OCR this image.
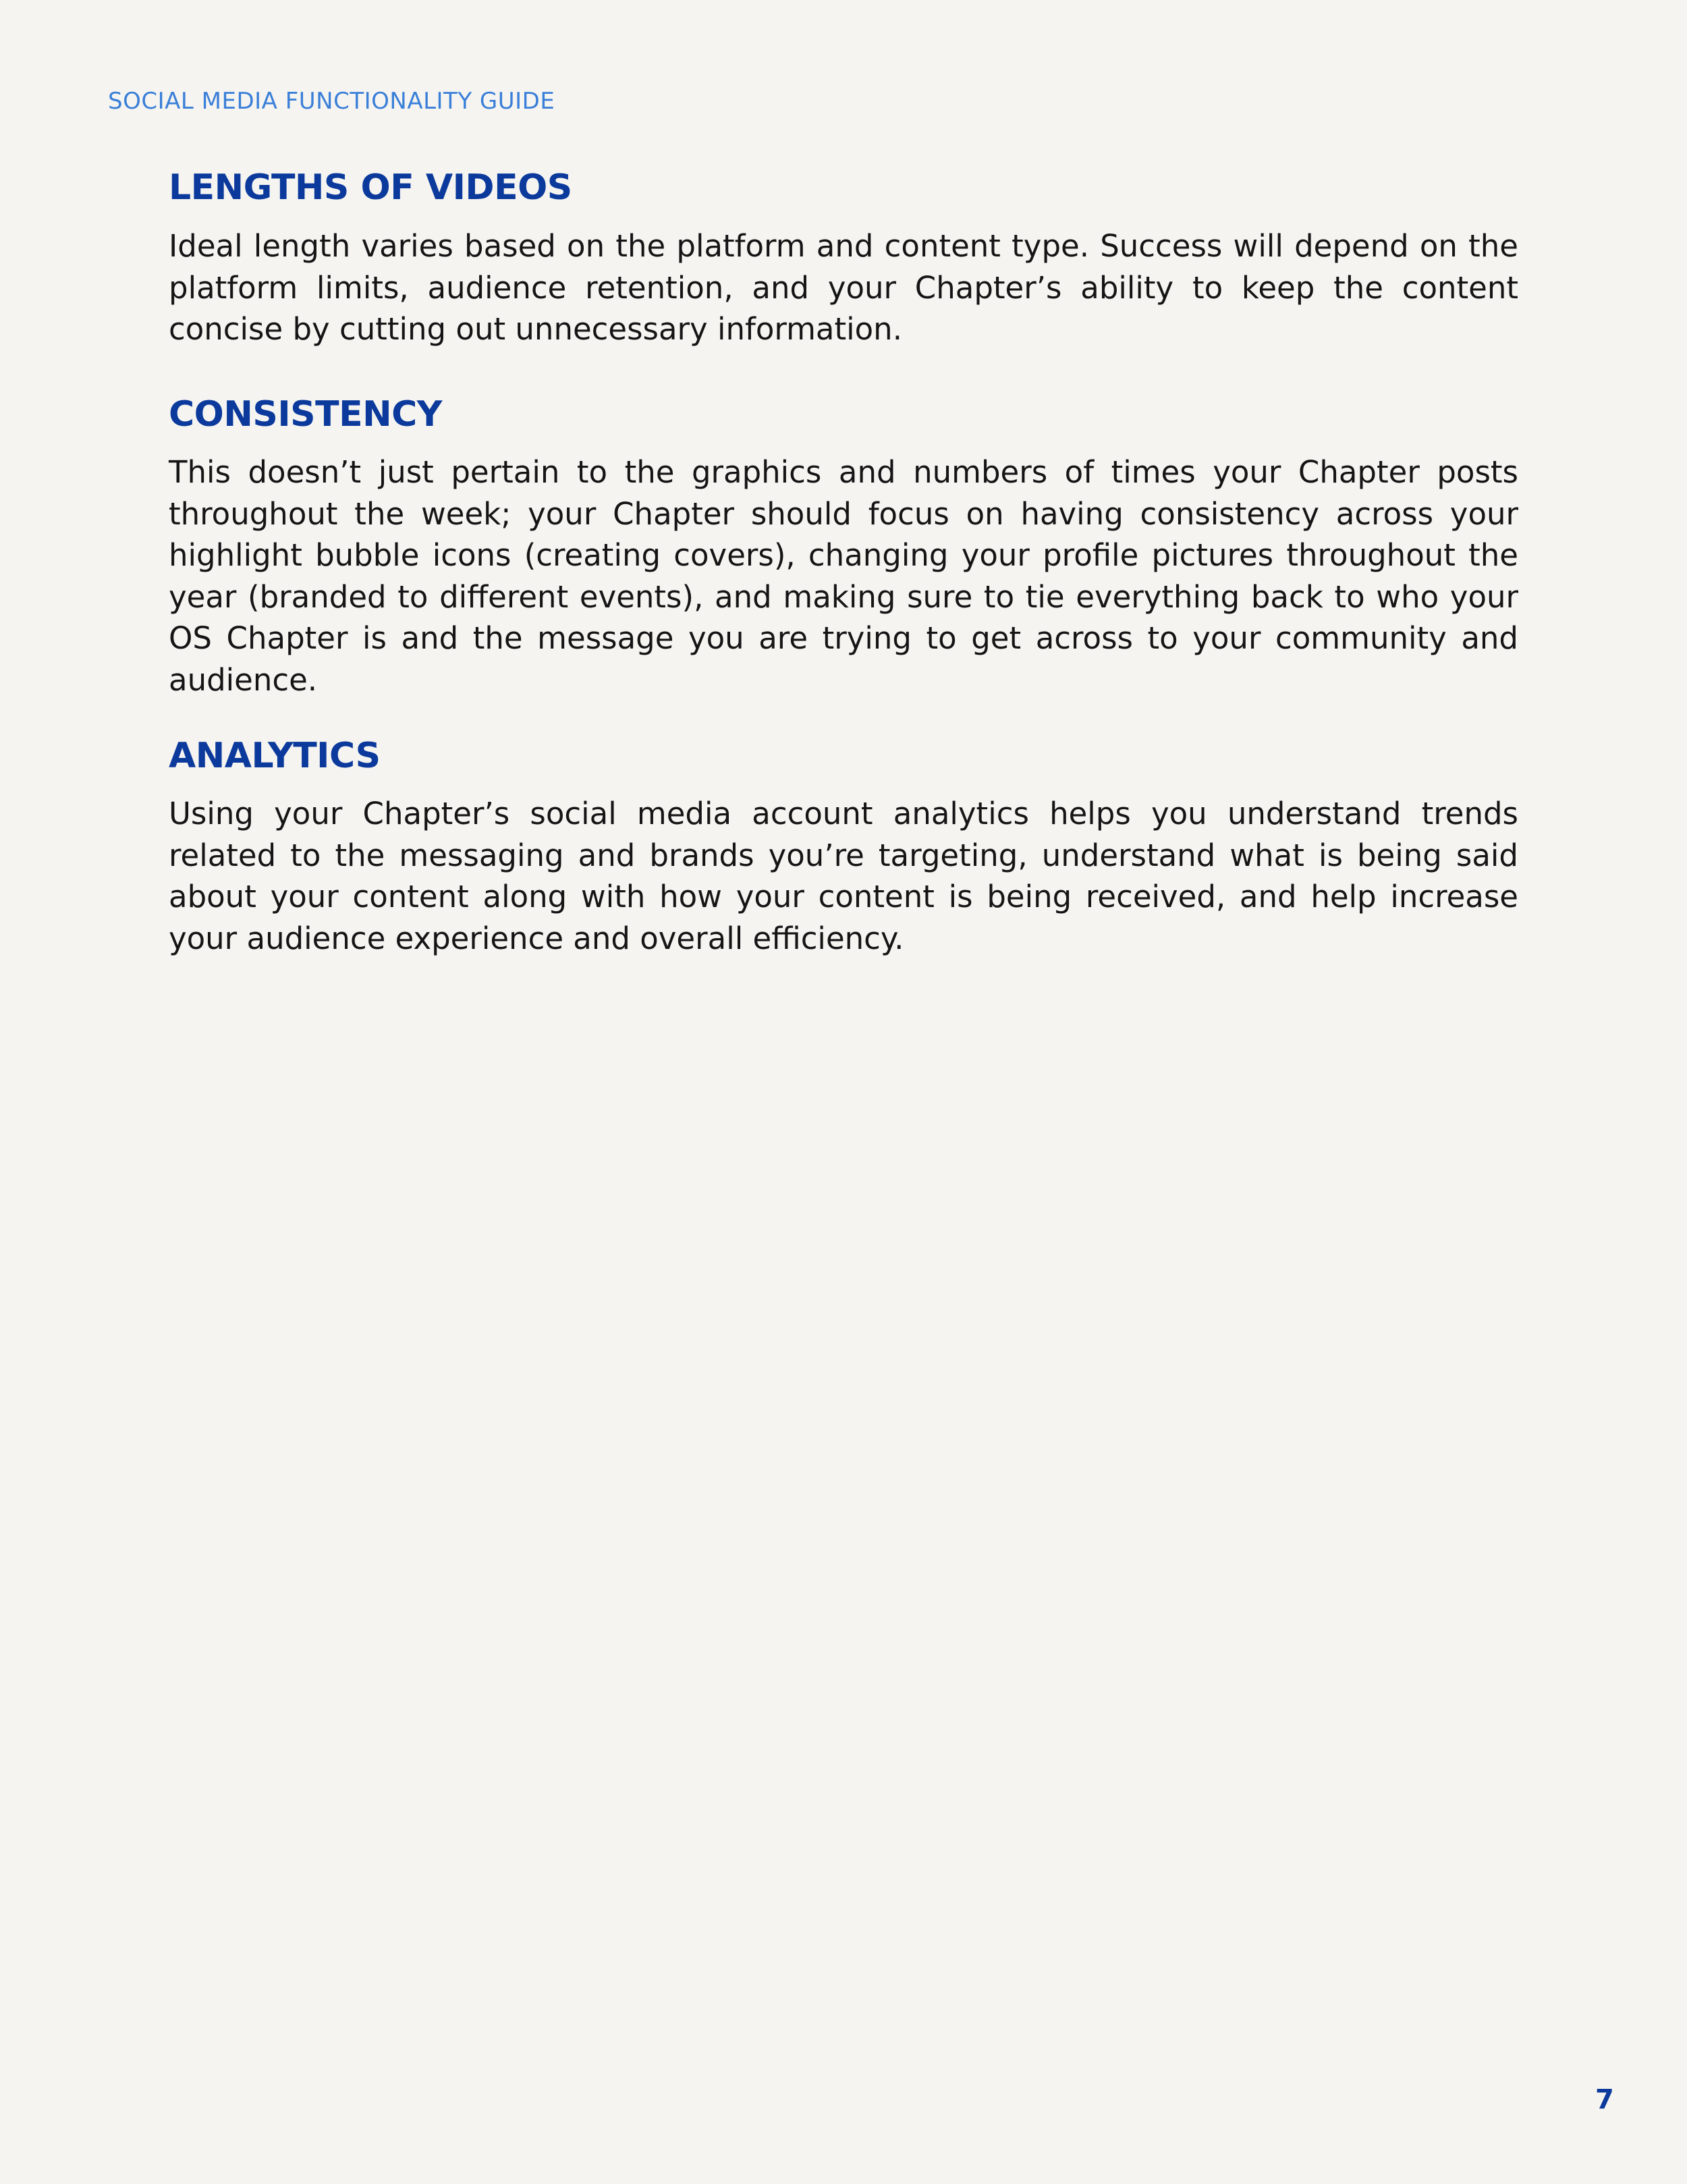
SOCIAL MEDIA FUNCTIONALITY GUIDE
LENGTHS OF VIDEOS

Ideal length varies based on the platform and content type. Success will depend on the platform limits, audience retention, and your Chapter’s ability to keep the content concise by cutting out unnecessary information.

CONSISTENCY

This doesn’t just pertain to the graphics and numbers of times your Chapter posts throughout the week; your Chapter should focus on having consistency across your highlight bubble icons (creating covers), changing your profile pictures throughout the year (branded to different events), and making sure to tie everything back to who your OS Chapter is and the message you are trying to get across to your community and audience.

ANALYTICS

Using your Chapter’s social media account analytics helps you understand trends related to the messaging and brands you’re targeting, understand what is being said about your content along with how your content is being received, and help increase your audience experience and overall efficiency.

7
